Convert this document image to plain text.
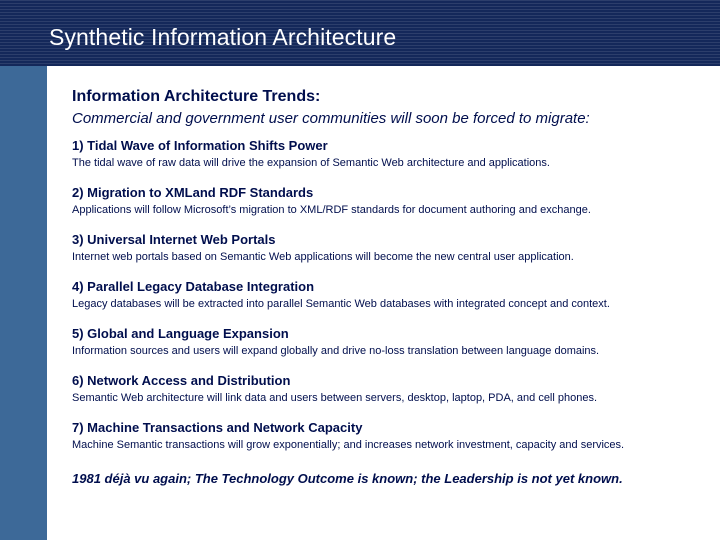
Synthetic Information Architecture
Information Architecture Trends:

Commercial and government user communities will soon be forced to migrate:

1) Tidal Wave of Information Shifts Power

The tidal wave of raw data will drive the expansion of Semantic Web architecture and applications.

2) Migration to XMLand RDF Standards

Applications will follow Microsoft’s migration to XML/RDF standards for document authoring and exchange.

3) Universal Internet Web Portals

Internet web portals based on Semantic Web applications will become the new central user application.

4) Parallel Legacy Database Integration

Legacy databases will be extracted into parallel Semantic Web databases with integrated concept and context.

5) Global and Language Expansion

Information sources and users will expand globally and drive no-loss translation between language domains.

6) Network Access and Distribution

Semantic Web architecture will link data and users between servers, desktop, laptop, PDA, and cell phones.

7) Machine Transactions and Network Capacity

Machine Semantic transactions will grow exponentially; and increases network investment, capacity and services.

1981 déjà vu again; The Technology Outcome is known; the Leadership is not yet known.
